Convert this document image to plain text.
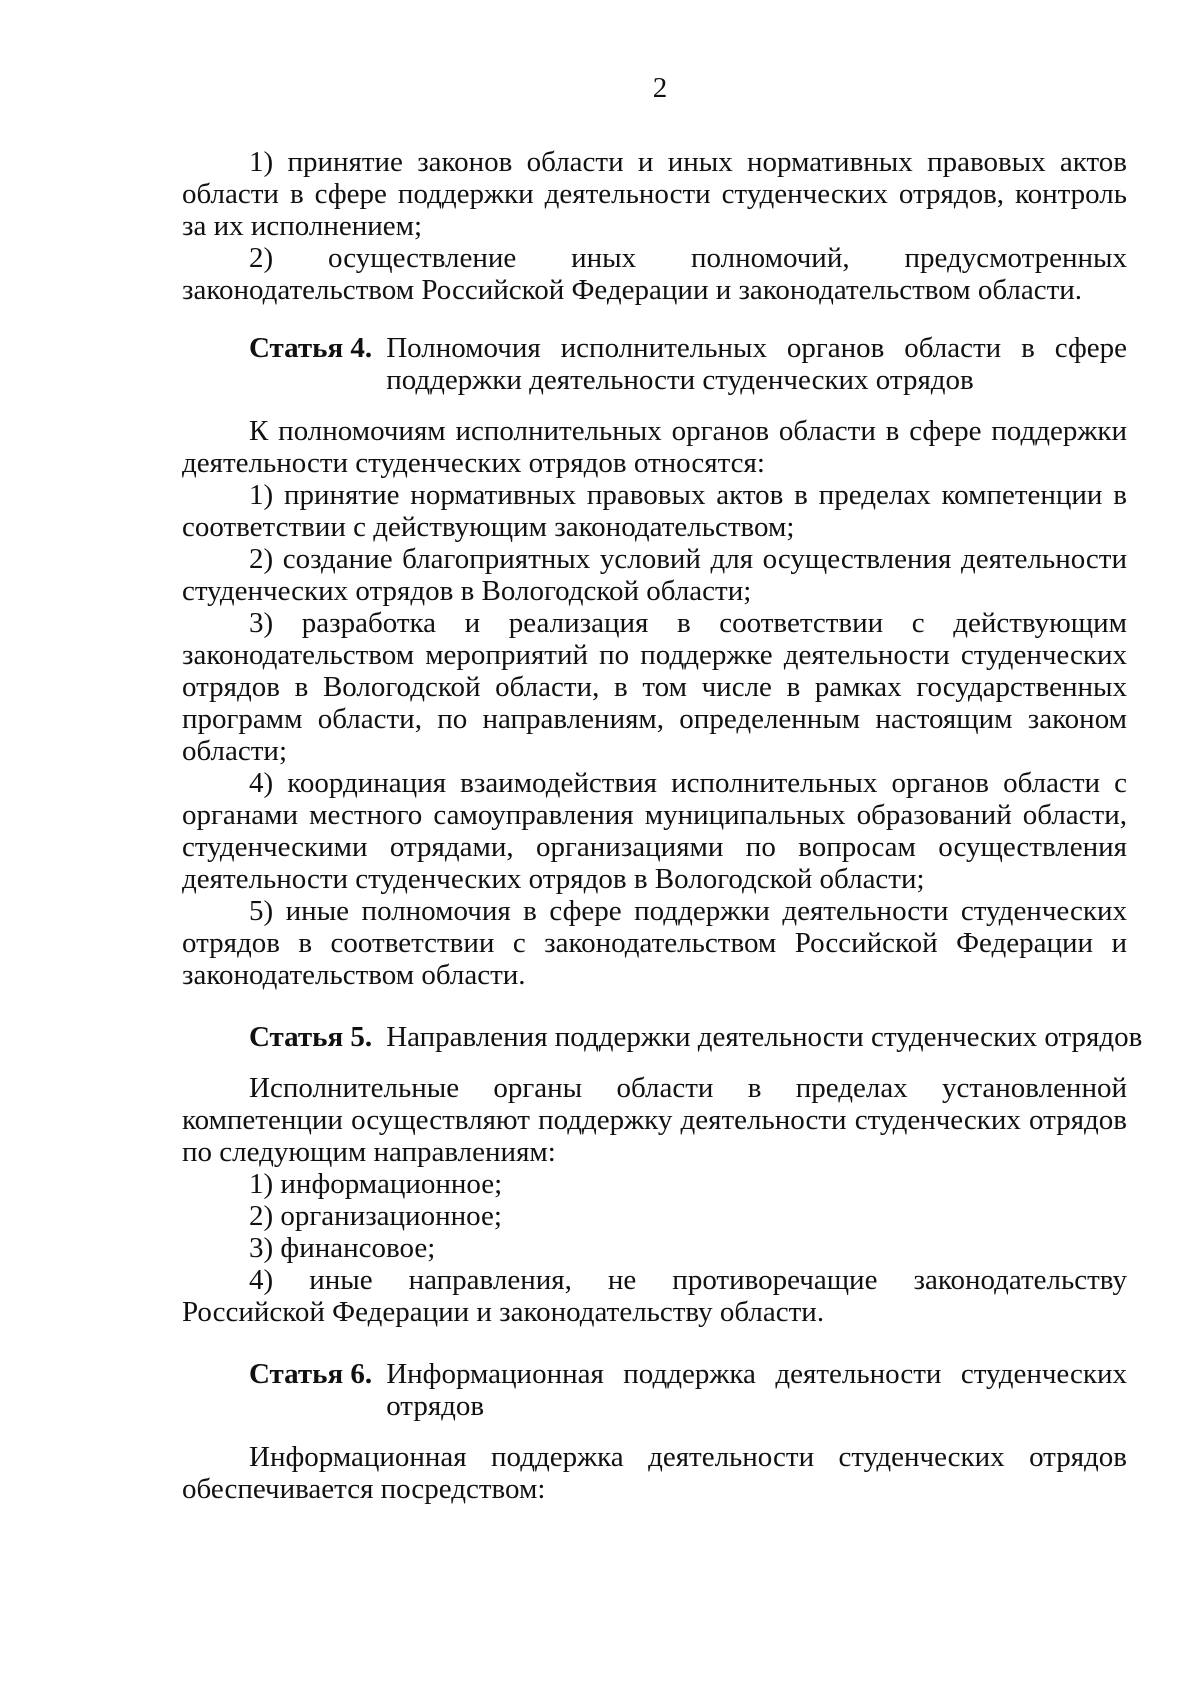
2

1) принятие законов области и иных нормативных правовых актов области в сфере поддержки деятельности студенческих отрядов, контроль за их исполнением;

2) осуществление иных полномочий, предусмотренных законодательством Российской Федерации и законодательством области.

Статья 4. Полномочия исполнительных органов области в сфере поддержки деятельности студенческих отрядов

К полномочиям исполнительных органов области в сфере поддержки деятельности студенческих отрядов относятся:

1) принятие нормативных правовых актов в пределах компетенции в соответствии с действующим законодательством;

2) создание благоприятных условий для осуществления деятельности студенческих отрядов в Вологодской области;

3) разработка и реализация в соответствии с действующим законодательством мероприятий по поддержке деятельности студенческих отрядов в Вологодской области, в том числе в рамках государственных программ области, по направлениям, определенным настоящим законом области;

4) координация взаимодействия исполнительных органов области с органами местного самоуправления муниципальных образований области, студенческими отрядами, организациями по вопросам осуществления деятельности студенческих отрядов в Вологодской области;

5) иные полномочия в сфере поддержки деятельности студенческих отрядов в соответствии с законодательством Российской Федерации и законодательством области.

Статья 5. Направления поддержки деятельности студенческих отрядов

Исполнительные органы области в пределах установленной компетенции осуществляют поддержку деятельности студенческих отрядов по следующим направлениям:

1) информационное;

2) организационное;

3) финансовое;

4) иные направления, не противоречащие законодательству Российской Федерации и законодательству области.

Статья 6. Информационная поддержка деятельности студенческих отрядов

Информационная поддержка деятельности студенческих отрядов обеспечивается посредством:
